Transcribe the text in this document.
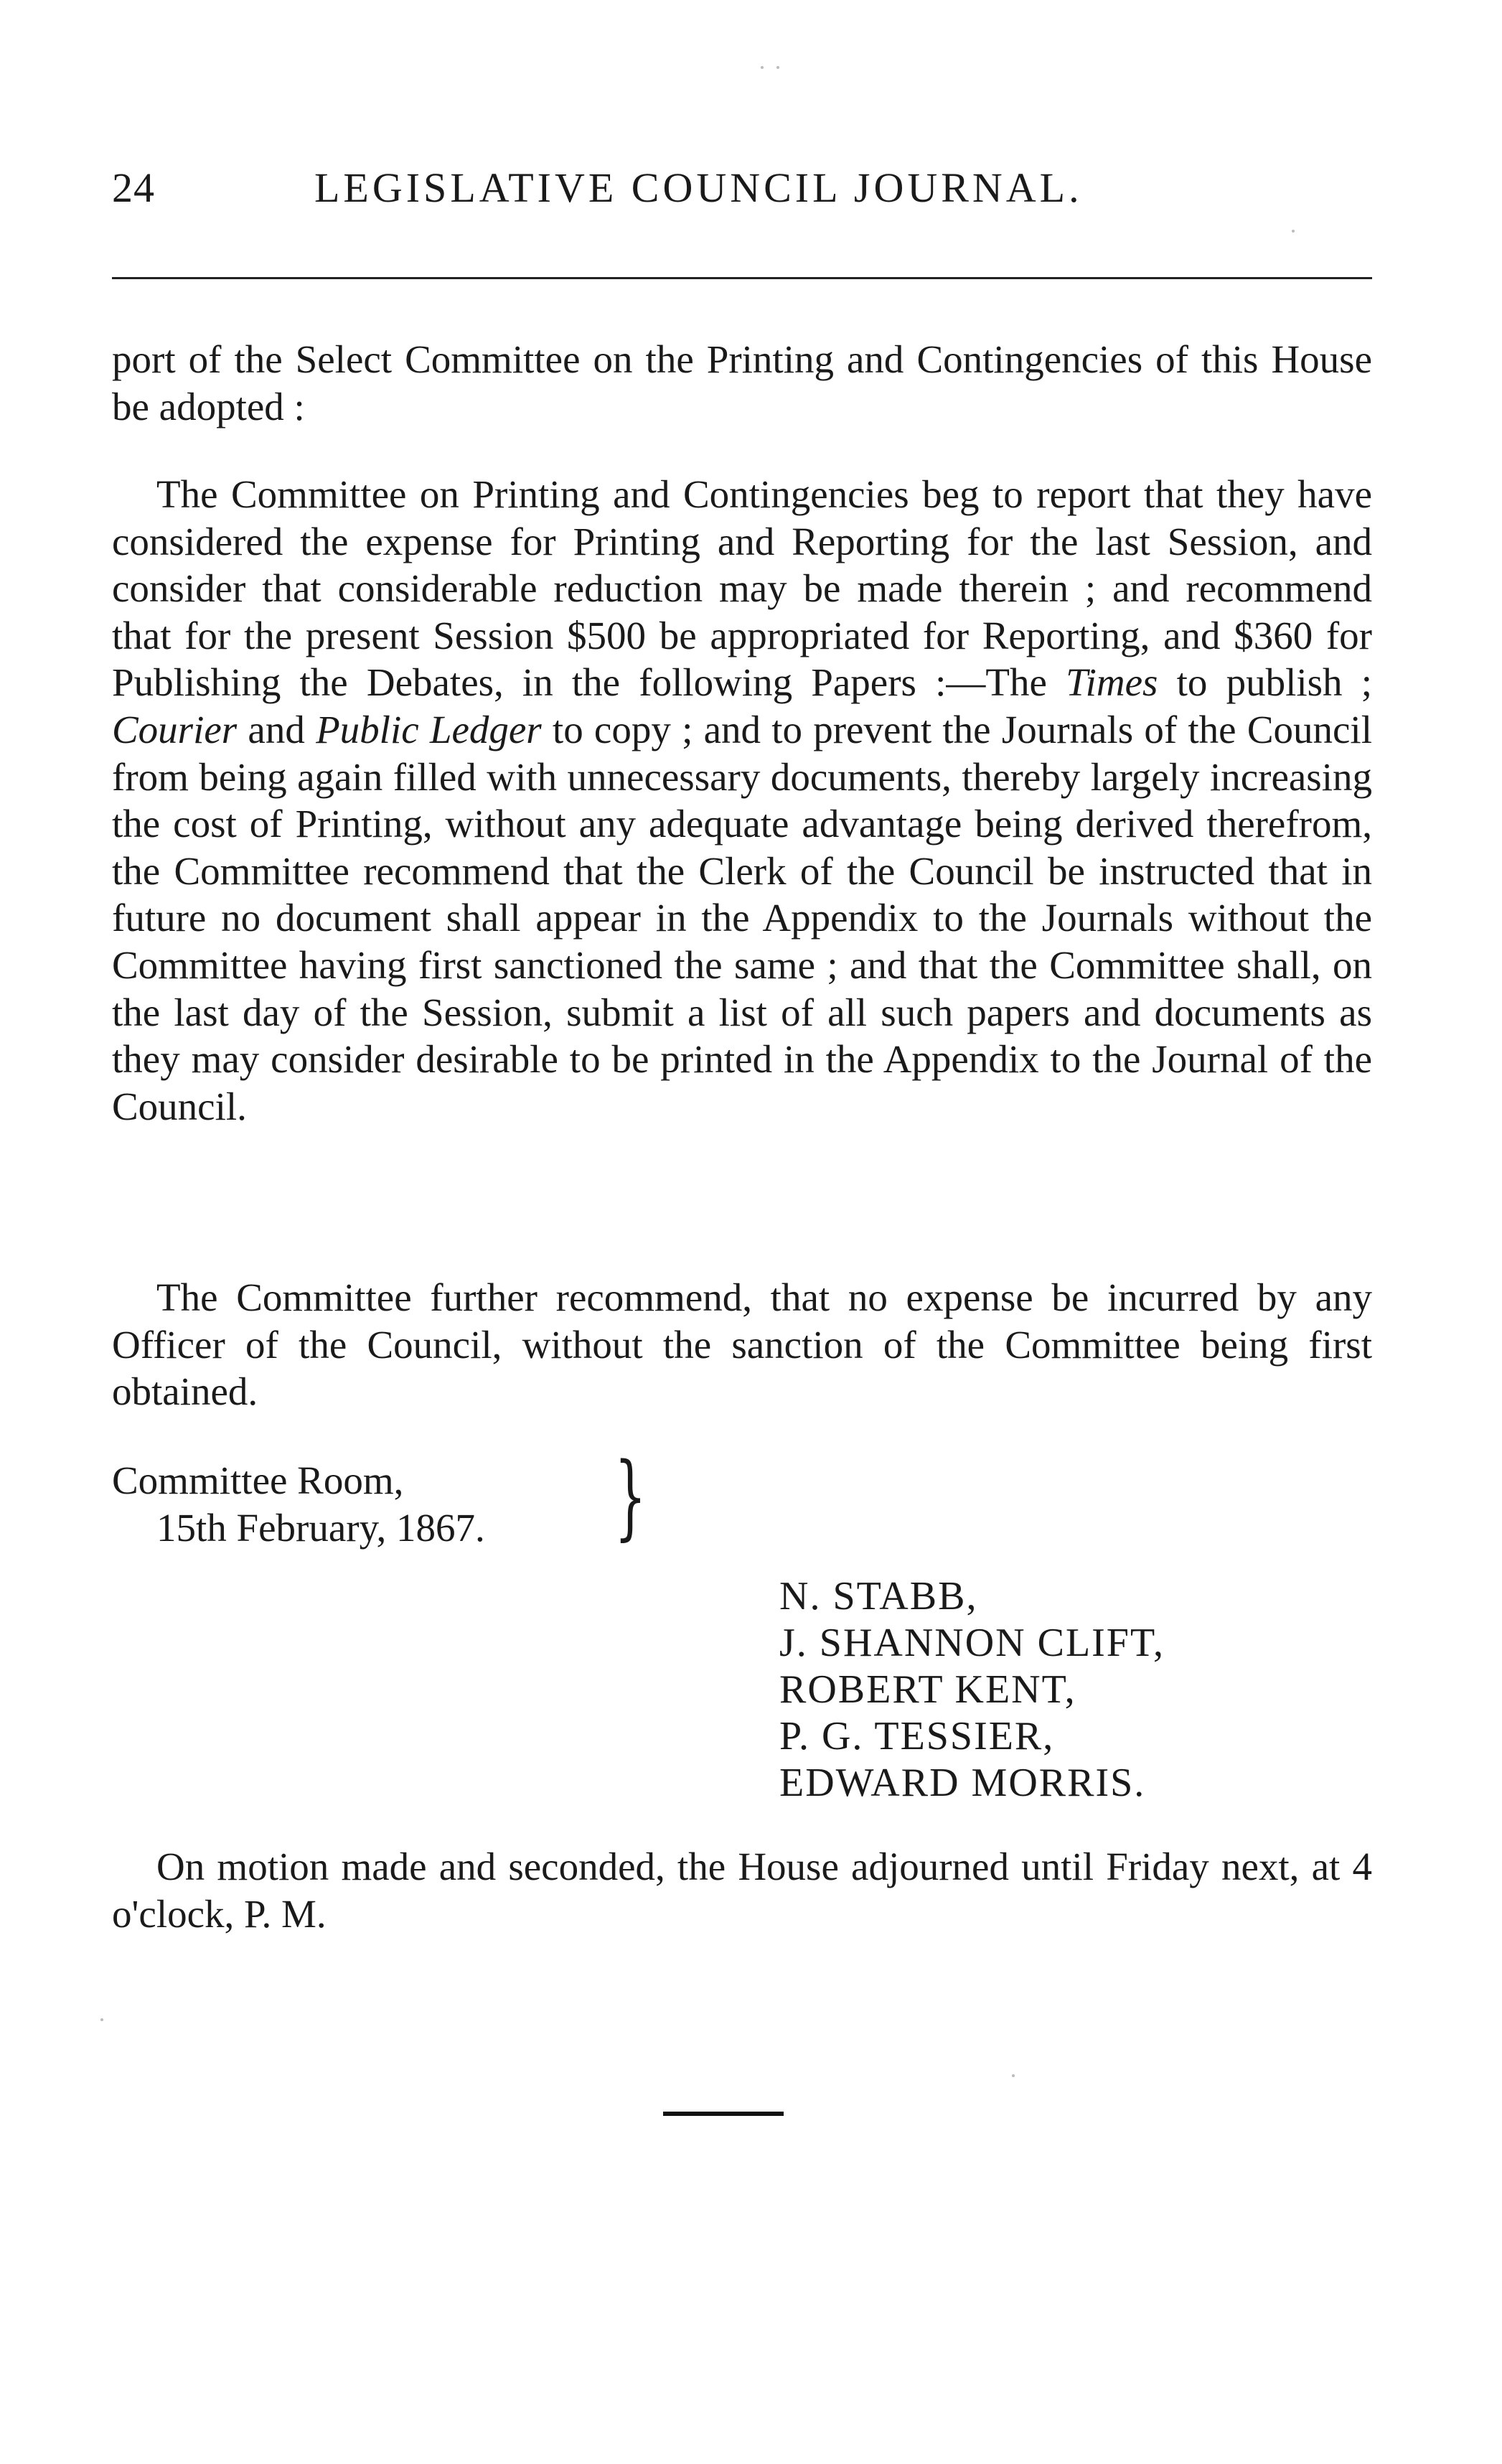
24	LEGISLATIVE COUNCIL JOURNAL.
port of the Select Committee on the Printing and Contingencies of this House be adopted :
The Committee on Printing and Contingencies beg to report that they have considered the expense for Printing and Reporting for the last Session, and consider that considerable reduction may be made therein ; and recommend that for the present Session $500 be appropriated for Reporting, and $360 for Publishing the Debates, in the following Papers :—The Times to publish ; Courier and Public Ledger to copy ; and to prevent the Journals of the Council from being again filled with unnecessary documents, thereby largely increasing the cost of Printing, without any adequate advantage being derived therefrom, the Committee recommend that the Clerk of the Council be instructed that in future no document shall appear in the Appendix to the Journals without the Committee having first sanctioned the same ; and that the Committee shall, on the last day of the Session, submit a list of all such papers and documents as they may consider desirable to be printed in the Appendix to the Journal of the Council.
The Committee further recommend, that no expense be incurred by any Officer of the Council, without the sanction of the Committee being first obtained.
Committee Room,
15th February, 1867. }
N. STABB,
J. SHANNON CLIFT,
ROBERT KENT,
P. G. TESSIER,
EDWARD MORRIS.
On motion made and seconded, the House adjourned until Friday next, at 4 o'clock, P. M.
